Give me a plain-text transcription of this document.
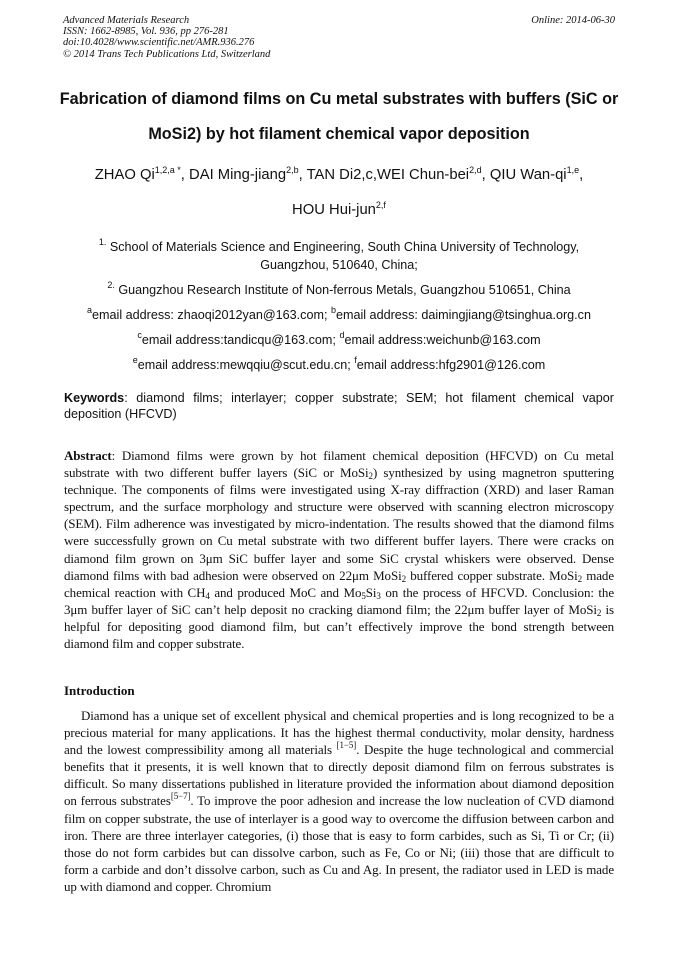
Advanced Materials Research
ISSN: 1662-8985, Vol. 936, pp 276-281
doi:10.4028/www.scientific.net/AMR.936.276
© 2014 Trans Tech Publications Ltd, Switzerland
Online: 2014-06-30
Fabrication of diamond films on Cu metal substrates with buffers (SiC or
MoSi2) by hot filament chemical vapor deposition
ZHAO $Qi^{1,2,a *}$, DAI Ming-jiang$^{2,b}$, TAN Di2,c,WEI Chun-bei$^{2,d}$, QIU Wan-qi$^{1,e}$,
HOU Hui-jun$^{2,f}$
$^{1.}$ School of Materials Science and Engineering, South China University of Technology, Guangzhou, 510640, China;
$^{2.}$ Guangzhou Research Institute of Non-ferrous Metals, Guangzhou 510651, China
$^a$email address: zhaoqi2012yan@163.com; $^b$email address: daimingjiang@tsinghua.org.cn
$^c$email address:tandicqu@163.com; $^d$email address:weichunb@163.com
$^e$email address:mewqqiu@scut.edu.cn; $^f$email address:hfg2901@126.com
Keywords: diamond films; interlayer; copper substrate; SEM; hot filament chemical vapor deposition (HFCVD)
Abstract: Diamond films were grown by hot filament chemical deposition (HFCVD) on Cu metal substrate with two different buffer layers (SiC or MoSi$_2$) synthesized by using magnetron sputtering technique. The components of films were investigated using X-ray diffraction (XRD) and laser Raman spectrum, and the surface morphology and structure were observed with scanning electron microscopy (SEM). Film adherence was investigated by micro-indentation. The results showed that the diamond films were successfully grown on Cu metal substrate with two different buffer layers. There were cracks on diamond film grown on 3μm SiC buffer layer and some SiC crystal whiskers were observed. Dense diamond films with bad adhesion were observed on 22μm MoSi$_2$ buffered copper substrate. MoSi$_2$ made chemical reaction with $CH_4$ and produced MoC and $Mo_5Si_3$ on the process of HFCVD. Conclusion: the 3μm buffer layer of SiC can’t help deposit no cracking diamond film; the 22μm buffer layer of MoSi$_2$ is helpful for depositing good diamond film, but can’t effectively improve the bond strength between diamond film and copper substrate.
Introduction
Diamond has a unique set of excellent physical and chemical properties and is long recognized to be a precious material for many applications. It has the highest thermal conductivity, molar density, hardness and the lowest compressibility among all materials [1−5]. Despite the huge technological and commercial benefits that it presents, it is well known that to directly deposit diamond film on ferrous substrates is difficult. So many dissertations published in literature provided the information about diamond deposition on ferrous substrates[5−7]. To improve the poor adhesion and increase the low nucleation of CVD diamond film on copper substrate, the use of interlayer is a good way to overcome the diffusion between carbon and iron. There are three interlayer categories, (i) those that is easy to form carbides, such as Si, Ti or Cr; (ii) those do not form carbides but can dissolve carbon, such as Fe, Co or Ni; (iii) those that are difficult to form a carbide and don’t dissolve carbon, such as Cu and Ag. In present, the radiator used in LED is made up with diamond and copper. Chromium
